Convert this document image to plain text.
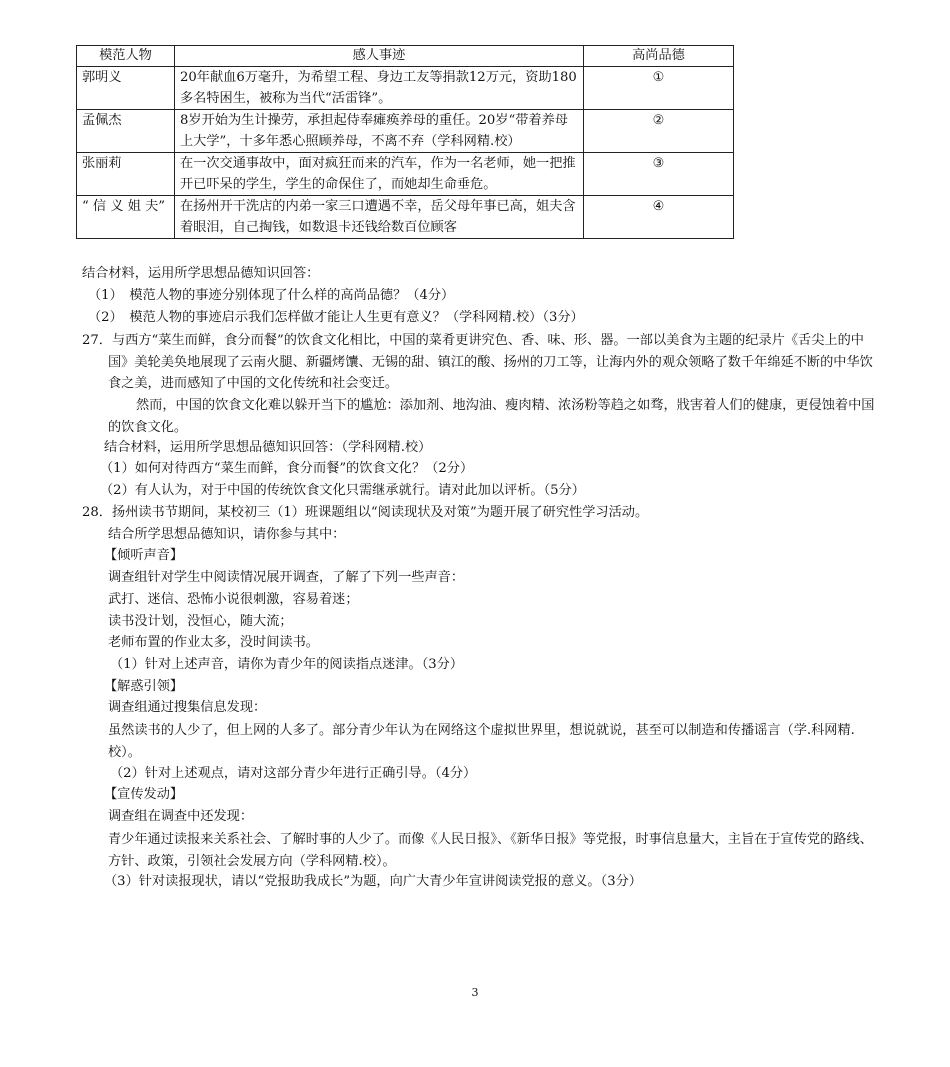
模范人物	感人事迹	高尚品德
郭明义	20年献血6万毫升，为希望工程、身边工友等捐款12万元，资助180多名特困生，被称为当代“活雷锋”。	①
孟佩杰	8岁开始为生计操劳，承担起侍奉瘫痪养母的重任。20岁“带着养母上大学”，十多年悉心照顾养母，不离不弃（学科网精.校）	②
张丽莉	在一次交通事故中，面对疯狂而来的汽车，作为一名老师，她一把推开已吓呆的学生，学生的命保住了，而她却生命垂危。	③
“ 信 义 姐 夫”	在扬州开干洗店的内弟一家三口遭遇不幸，岳父母年事已高，姐夫含着眼泪，自己掏钱，如数退卡还钱给数百位顾客	④
结合材料，运用所学思想品德知识回答：
（1）　模范人物的事迹分别体现了什么样的高尚品德？（4分）
（2）　模范人物的事迹启示我们怎样做才能让人生更有意义？（学科网精.校）（3分）
27．与西方“菜生而鲜，食分而餐”的饮食文化相比，中国的菜肴更讲究色、香、味、形、器。一部以美食为主题的纪录片《舌尖上的中国》美轮美奂地展现了云南火腿、新疆烤馕、无锡的甜、镇江的酸、扬州的刀工等，让海内外的观众领略了数千年绵延不断的中华饮食之美，进而感知了中国的文化传统和社会变迁。
然而，中国的饮食文化难以躲开当下的尴尬：添加剂、地沟油、瘦肉精、浓汤粉等趋之如骛，戕害着人们的健康，更侵蚀着中国的饮食文化。
结合材料，运用所学思想品德知识回答：（学科网精.校）
（1）如何对待西方“菜生而鲜，食分而餐”的饮食文化？（2分）
（2）有人认为，对于中国的传统饮食文化只需继承就行。请对此加以评析。（5分）
28．扬州读书节期间，某校初三（1）班课题组以“阅读现状及对策”为题开展了研究性学习活动。
结合所学思想品德知识，请你参与其中：
【倾听声音】
调查组针对学生中阅读情况展开调查，了解了下列一些声音：
武打、迷信、恐怖小说很刺激，容易着迷；
读书没计划，没恒心，随大流；
老师布置的作业太多，没时间读书。
（1）针对上述声音，请你为青少年的阅读指点迷津。（3分）
【解惑引领】
调查组通过搜集信息发现：
虽然读书的人少了，但上网的人多了。部分青少年认为在网络这个虚拟世界里，想说就说，甚至可以制造和传播谣言（学.科网精.校）。
（2）针对上述观点，请对这部分青少年进行正确引导。（4分）
【宣传发动】
调查组在调查中还发现：
青少年通过读报来关系社会、了解时事的人少了。而像《人民日报》、《新华日报》等党报，时事信息量大，主旨在于宣传党的路线、方针、政策，引领社会发展方向（学科网精.校）。
（3）针对读报现状，请以“党报助我成长”为题，向广大青少年宣讲阅读党报的意义。（3分）
3
